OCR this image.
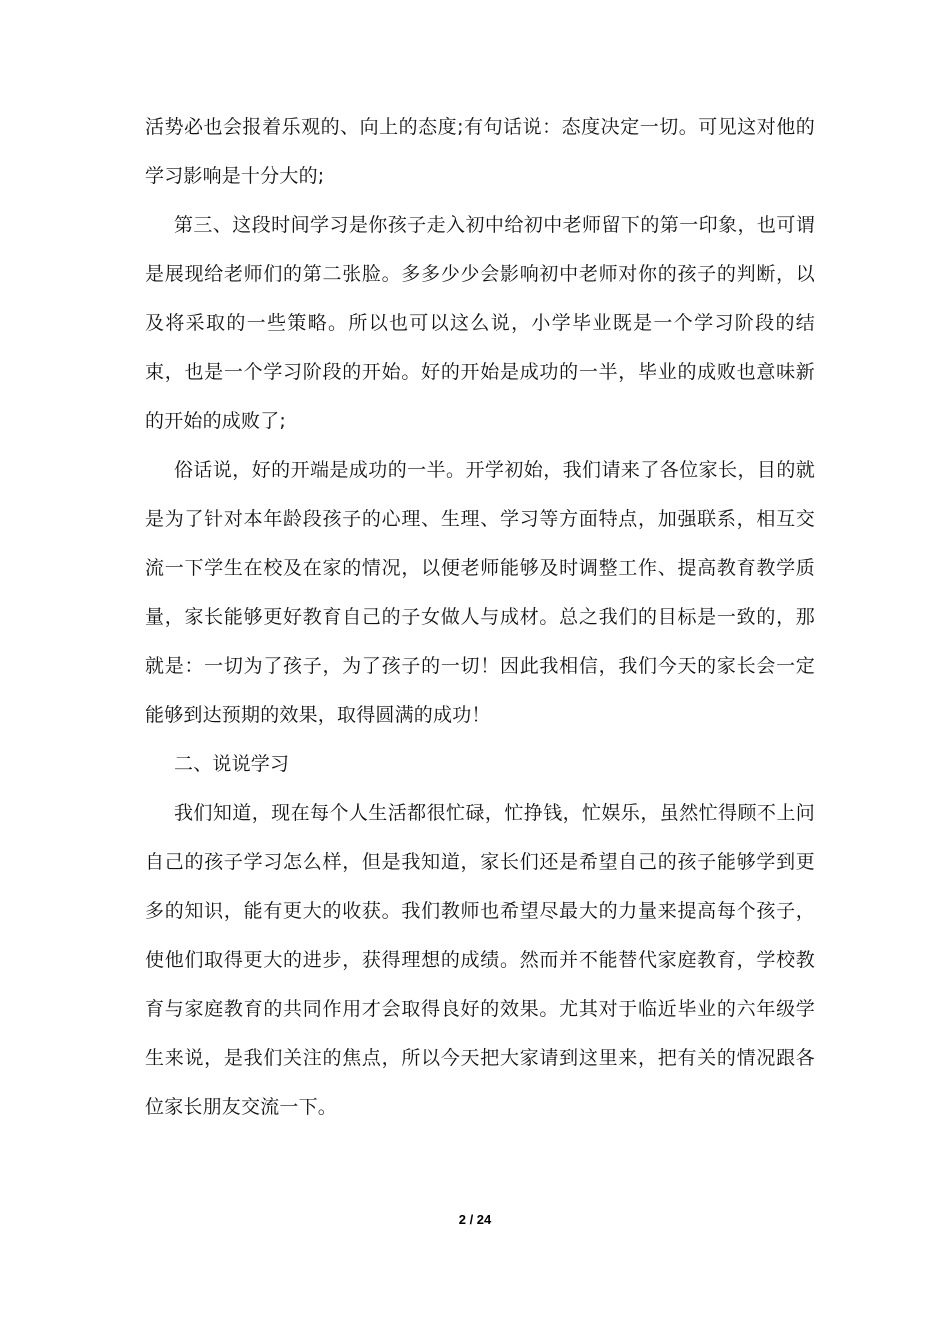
活势必也会报着乐观的、向上的态度;有句话说：态度决定一切。可见这对他的学习影响是十分大的;

第三、这段时间学习是你孩子走入初中给初中老师留下的第一印象，也可谓是展现给老师们的第二张脸。多多少少会影响初中老师对你的孩子的判断，以及将采取的一些策略。所以也可以这么说，小学毕业既是一个学习阶段的结束，也是一个学习阶段的开始。好的开始是成功的一半，毕业的成败也意味新的开始的成败了;

俗话说，好的开端是成功的一半。开学初始，我们请来了各位家长，目的就是为了针对本年龄段孩子的心理、生理、学习等方面特点，加强联系，相互交流一下学生在校及在家的情况，以便老师能够及时调整工作、提高教育教学质量，家长能够更好教育自己的子女做人与成材。总之我们的目标是一致的，那就是：一切为了孩子，为了孩子的一切！因此我相信，我们今天的家长会一定能够到达预期的效果，取得圆满的成功！

二、说说学习

我们知道，现在每个人生活都很忙碌，忙挣钱，忙娱乐，虽然忙得顾不上问自己的孩子学习怎么样，但是我知道，家长们还是希望自己的孩子能够学到更多的知识，能有更大的收获。我们教师也希望尽最大的力量来提高每个孩子，使他们取得更大的进步，获得理想的成绩。然而并不能替代家庭教育，学校教育与家庭教育的共同作用才会取得良好的效果。尤其对于临近毕业的六年级学生来说，是我们关注的焦点，所以今天把大家请到这里来，把有关的情况跟各位家长朋友交流一下。

2 / 24
